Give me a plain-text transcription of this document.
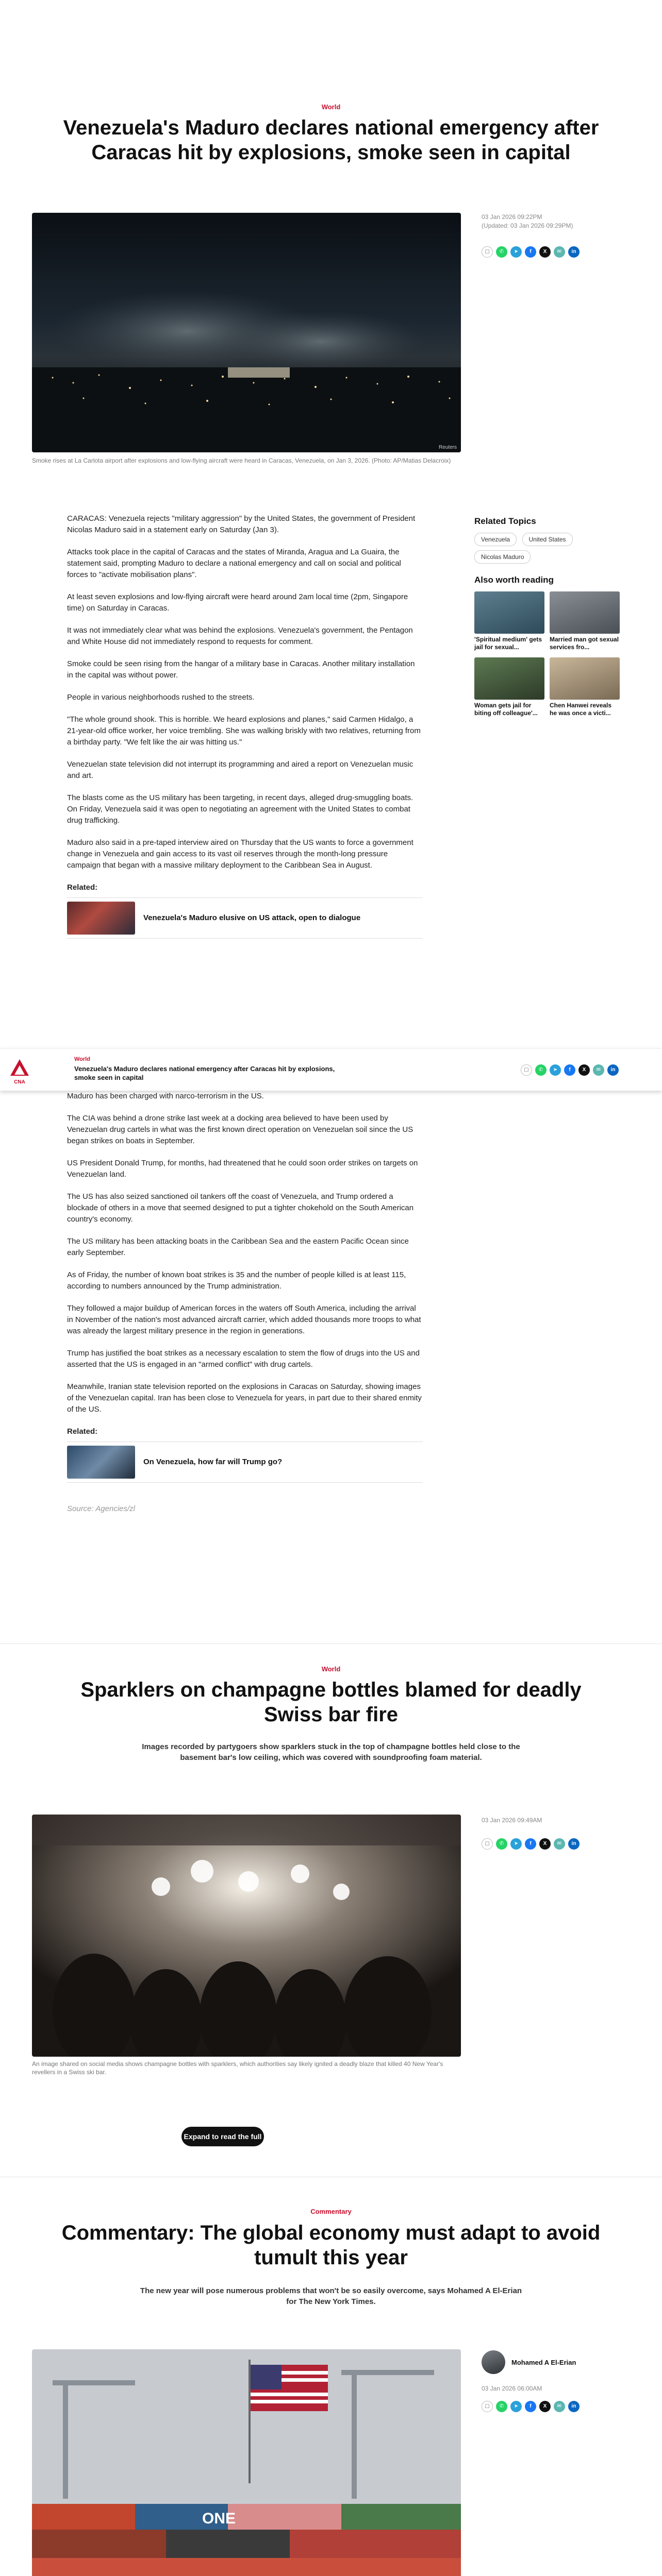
World
Venezuela's Maduro declares national emergency after Caracas hit by explosions, smoke seen in capital
Reuters
Smoke rises at La Carlota airport after explosions and low-flying aircraft were heard in Caracas, Venezuela, on Jan 3, 2026. (Photo: AP/Matias Delacroix)
03 Jan 2026 09:22PM
(Updated: 03 Jan 2026 09:29PM)
☐	✆	➤	f	X	✉	in

CARACAS: Venezuela rejects "military aggression" by the United States, the government of President Nicolas Maduro said in a statement early on Saturday (Jan 3).

Attacks took place in the capital of Caracas and the states of Miranda, Aragua and La Guaira, the statement said, prompting Maduro to declare a national emergency and call on social and political forces to "activate mobilisation plans".

At least seven explosions and low-flying aircraft were heard around 2am local time (2pm, Singapore time) on Saturday in Caracas.

It was not immediately clear what was behind the explosions. Venezuela's government, the Pentagon and White House did not immediately respond to requests for comment.

Smoke could be seen rising from the hangar of a military base in Caracas. Another military installation in the capital was without power.

People in various neighborhoods rushed to the streets.

"The whole ground shook. This is horrible. We heard explosions and planes," said Carmen Hidalgo, a 21-year-old office worker, her voice trembling. She was walking briskly with two relatives, returning from a birthday party. "We felt like the air was hitting us."

Venezuelan state television did not interrupt its programming and aired a report on Venezuelan music and art.

The blasts come as the US military has been targeting, in recent days, alleged drug-smuggling boats. On Friday, Venezuela said it was open to negotiating an agreement with the United States to combat drug trafficking.

Maduro also said in a pre-taped interview aired on Thursday that the US wants to force a government change in Venezuela and gain access to its vast oil reserves through the month-long pressure campaign that began with a massive military deployment to the Caribbean Sea in August.

Related:
Venezuela's Maduro elusive on US attack, open to dialogue

Maduro has been charged with narco-terrorism in the US.

The CIA was behind a drone strike last week at a docking area believed to have been used by Venezuelan drug cartels in what was the first known direct operation on Venezuelan soil since the US began strikes on boats in September.

US President Donald Trump, for months, had threatened that he could soon order strikes on targets on Venezuelan land.

The US has also seized sanctioned oil tankers off the coast of Venezuela, and Trump ordered a blockade of others in a move that seemed designed to put a tighter chokehold on the South American country's economy.

The US military has been attacking boats in the Caribbean Sea and the eastern Pacific Ocean since early September.

As of Friday, the number of known boat strikes is 35 and the number of people killed is at least 115, according to numbers announced by the Trump administration.

They followed a major buildup of American forces in the waters off South America, including the arrival in November of the nation's most advanced aircraft carrier, which added thousands more troops to what was already the largest military presence in the region in generations.

Trump has justified the boat strikes as a necessary escalation to stem the flow of drugs into the US and asserted that the US is engaged in an "armed conflict" with drug cartels.

Meanwhile, Iranian state television reported on the explosions in Caracas on Saturday, showing images of the Venezuelan capital. Iran has been close to Venezuela for years, in part due to their shared enmity of the US.

Related:
On Venezuela, how far will Trump go?
Source: Agencies/zl
Related Topics
Venezuela	United States Nicolas Maduro
Also worth reading
'Spiritual medium' gets jail for sexual...
Married man got sexual services fro...
Woman gets jail for biting off colleague'...
Chen Hanwei reveals he was once a victi...
CNA
World
Venezuela's Maduro declares national emergency after Caracas hit by explosions, smoke seen in capital
☐	✆	➤	f	X	✉	in
World
Sparklers on champagne bottles blamed for deadly Swiss bar fire
Images recorded by partygoers show sparklers stuck in the top of champagne bottles held close to the basement bar's low ceiling, which was covered with soundproofing foam material.
An image shared on social media shows champagne bottles with sparklers, which authorities say likely ignited a deadly blaze that killed 40 New Year's revellers in a Swiss ski bar.
03 Jan 2026 09:49AM
☐	✆	➤	f	X	✉	in
Expand to read the full story
Commentary
Commentary: The global economy must adapt to avoid tumult this year
The new year will pose numerous problems that won't be so easily overcome, says Mohamed A El-Erian for The New York Times.
ONE
Mohamed A El-Erian
03 Jan 2026 06:00AM
☐	✆	➤	f	X	✉	in
